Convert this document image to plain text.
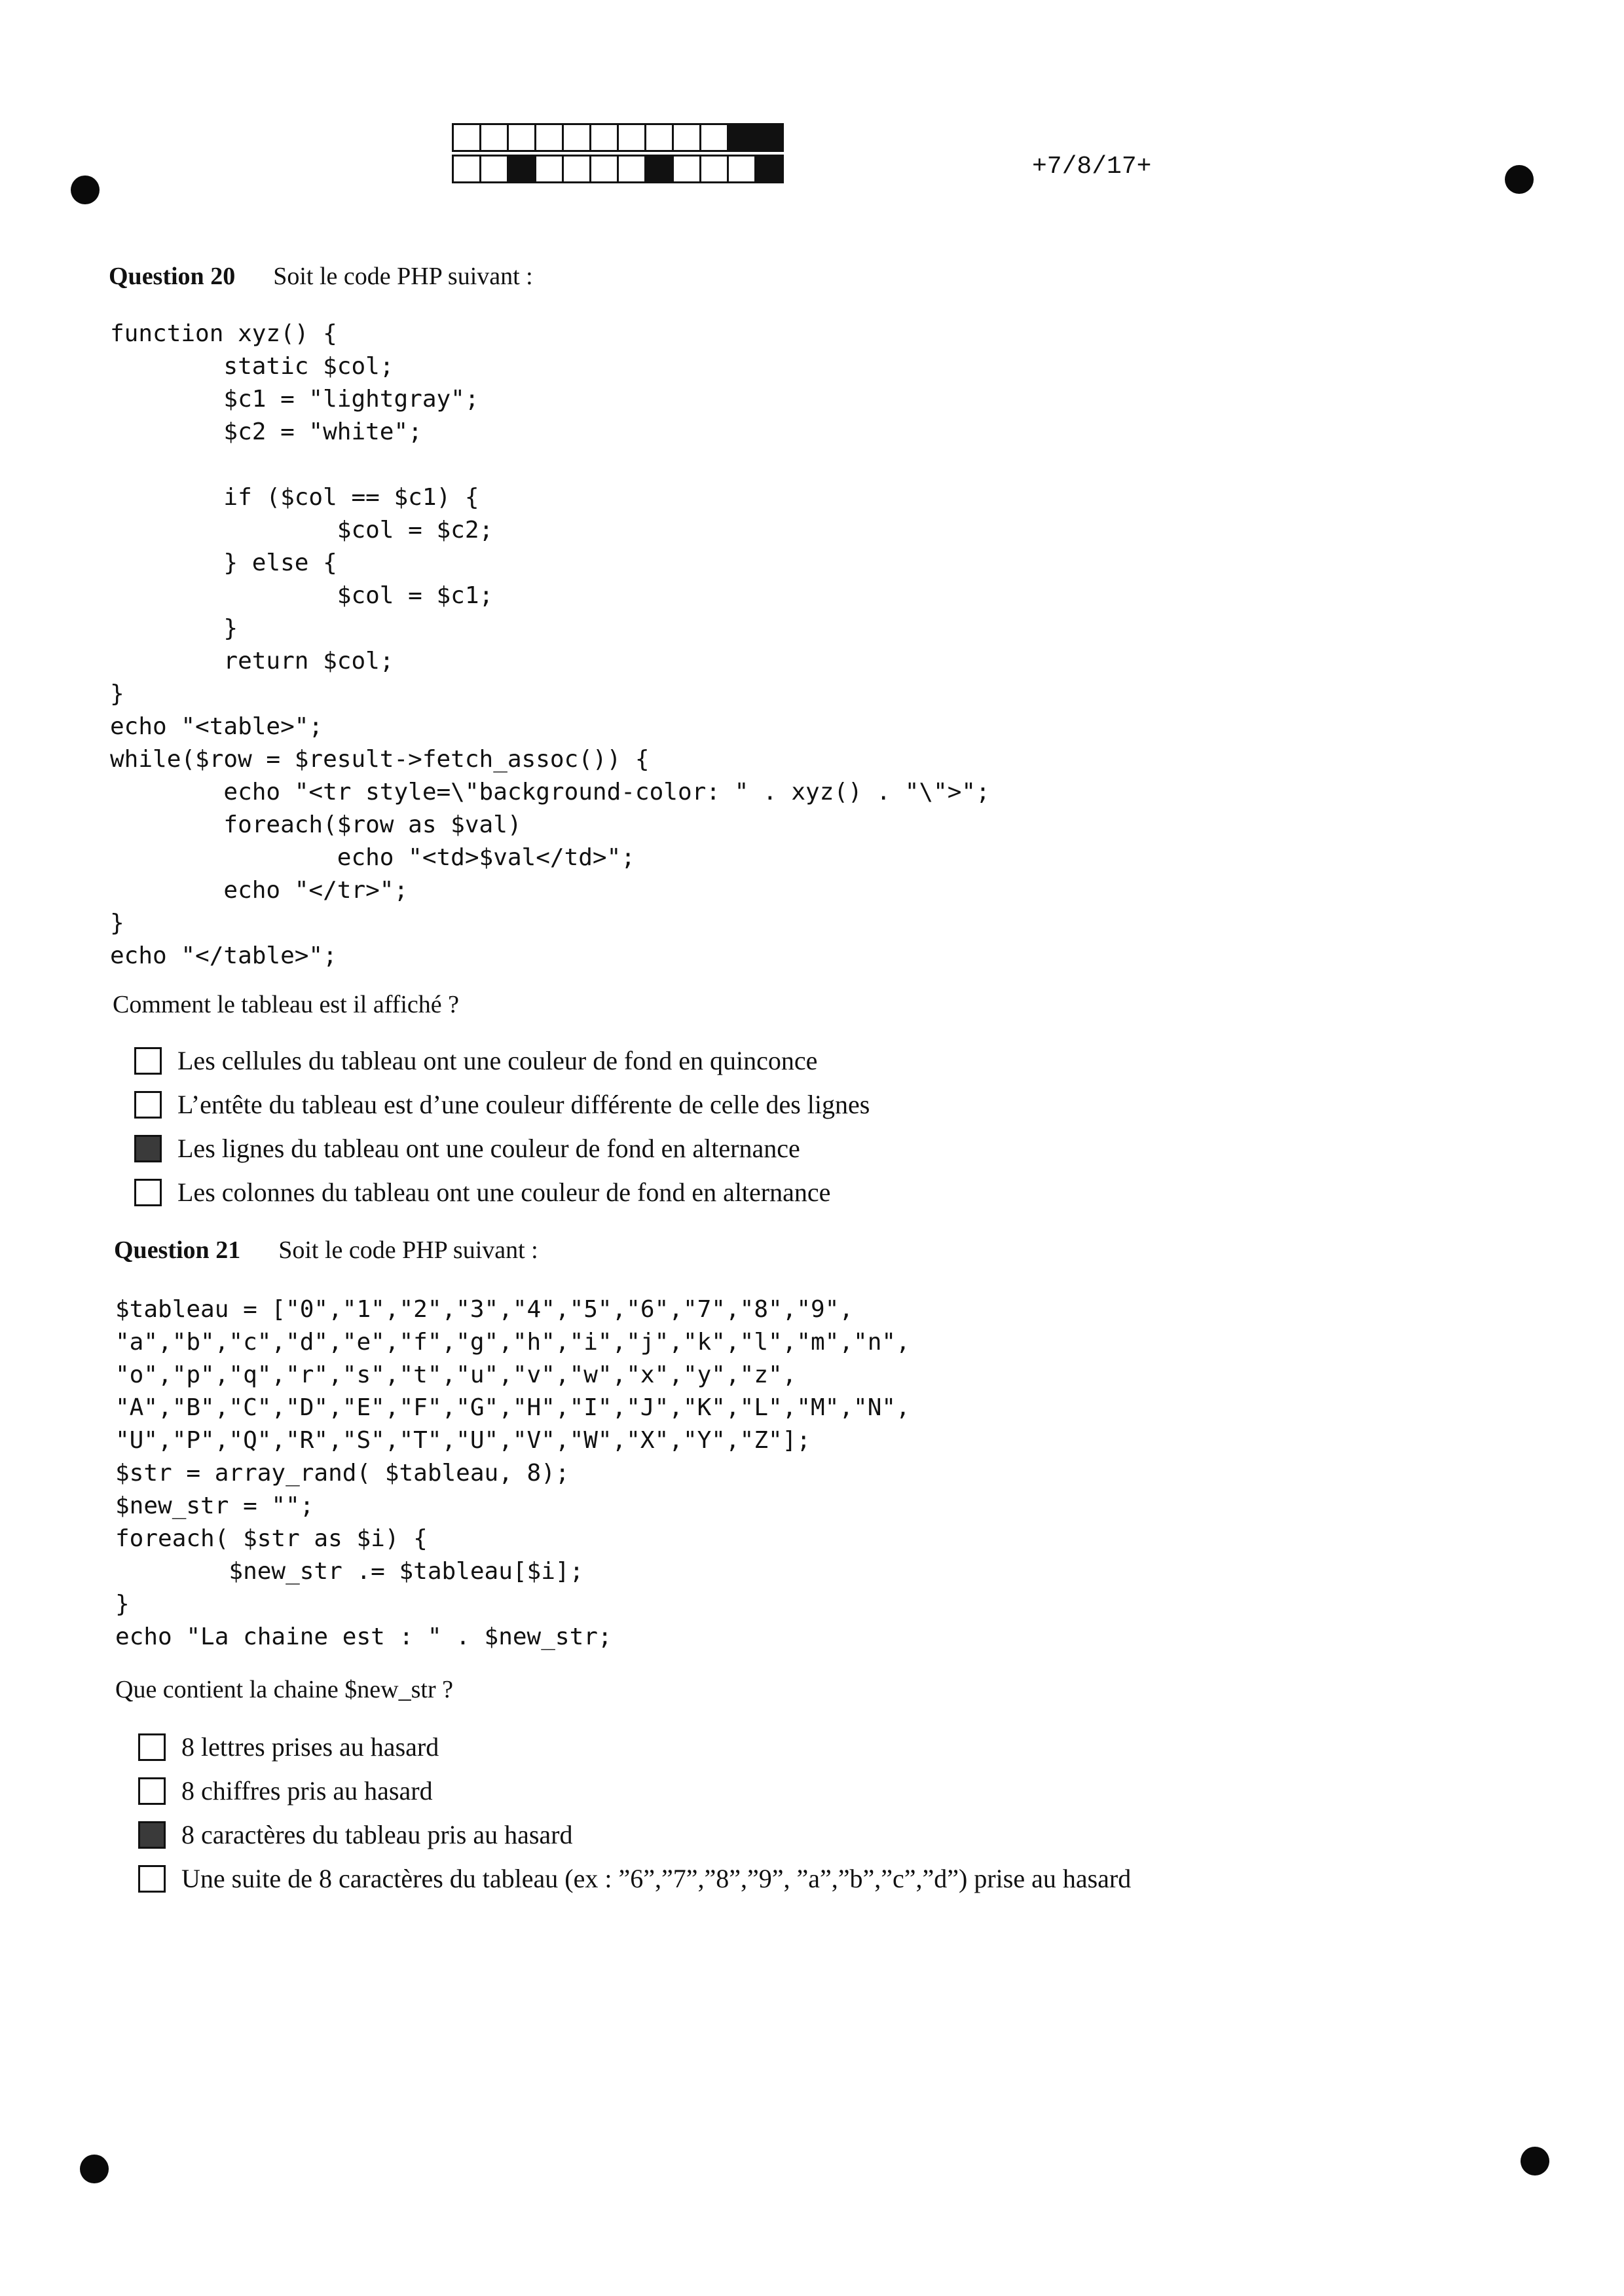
+7/8/17+
Question 20 Soit le code PHP suivant :
function xyz() {
static $col;
$c1 = "lightgray";
$c2 = "white";

if ($col == $c1) {
$col = $c2;
} else {
$col = $c1;
}
return $col;
}
echo "<table>";
while($row = $result->fetch_assoc()) {
echo "<tr style=\"background-color: " . xyz() . "\">";
foreach($row as $val)
echo "<td>$val</td>";
echo "</tr>";
}
echo "</table>";
Comment le tableau est il affiché ?
Les cellules du tableau ont une couleur de fond en quinconce
L’entête du tableau est d’une couleur différente de celle des lignes
Les lignes du tableau ont une couleur de fond en alternance
Les colonnes du tableau ont une couleur de fond en alternance
Question 21 Soit le code PHP suivant :
$tableau = ["0","1","2","3","4","5","6","7","8","9",
"a","b","c","d","e","f","g","h","i","j","k","l","m","n",
"o","p","q","r","s","t","u","v","w","x","y","z",
"A","B","C","D","E","F","G","H","I","J","K","L","M","N",
"U","P","Q","R","S","T","U","V","W","X","Y","Z"];
$str = array_rand( $tableau, 8);
$new_str = "";
foreach( $str as $i) {
$new_str .= $tableau[$i];
}
echo "La chaine est : " . $new_str;
Que contient la chaine $new_str ?
8 lettres prises au hasard
8 chiffres pris au hasard
8 caractères du tableau pris au hasard
Une suite de 8 caractères du tableau (ex : ”6”,”7”,”8”,”9”, ”a”,”b”,”c”,”d”) prise au hasard
